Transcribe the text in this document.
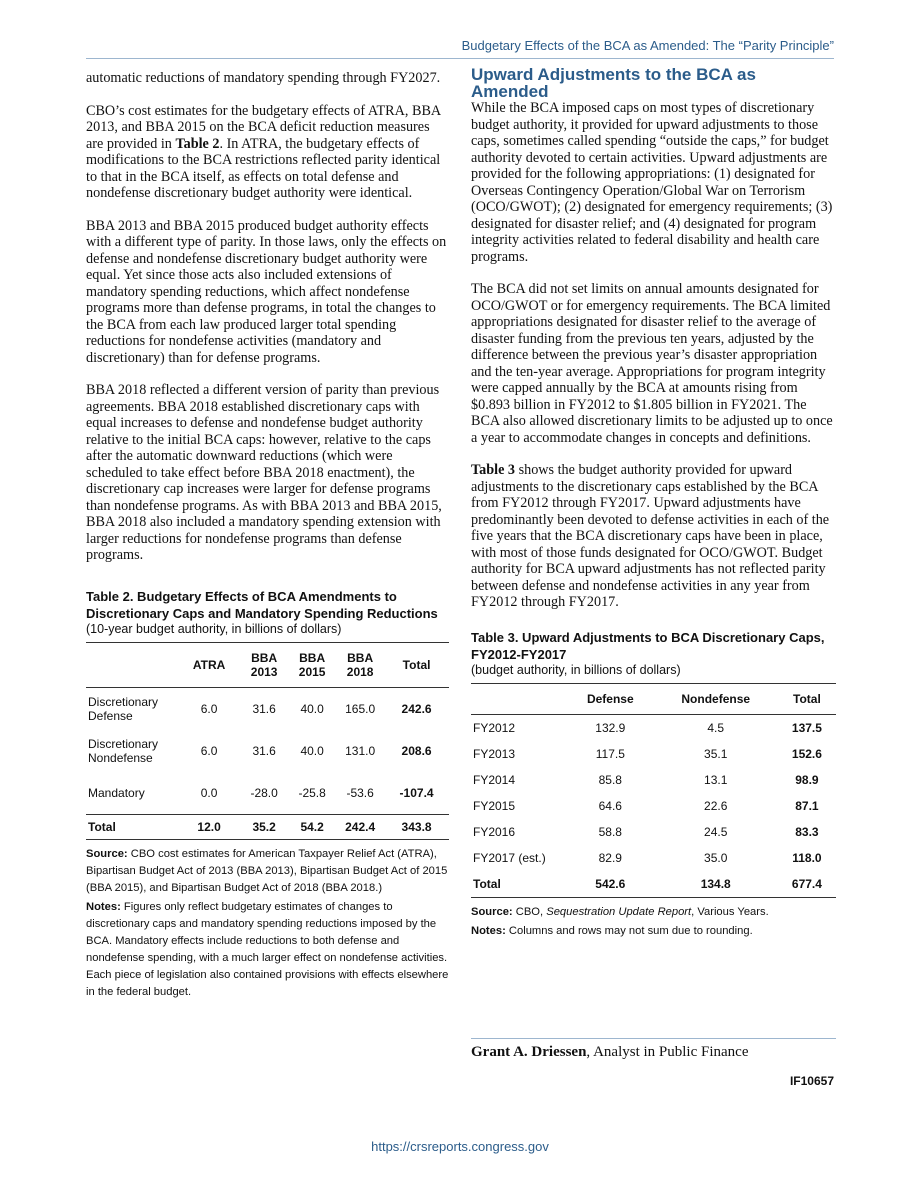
Budgetary Effects of the BCA as Amended: The “Parity Principle”

automatic reductions of mandatory spending through FY2027.

CBO’s cost estimates for the budgetary effects of ATRA, BBA 2013, and BBA 2015 on the BCA deficit reduction measures are provided in Table 2. In ATRA, the budgetary effects of modifications to the BCA restrictions reflected parity identical to that in the BCA itself, as effects on total defense and nondefense discretionary budget authority were identical.

BBA 2013 and BBA 2015 produced budget authority effects with a different type of parity. In those laws, only the effects on defense and nondefense discretionary budget authority were equal. Yet since those acts also included extensions of mandatory spending reductions, which affect nondefense programs more than defense programs, in total the changes to the BCA from each law produced larger total spending reductions for nondefense activities (mandatory and discretionary) than for defense programs.

BBA 2018 reflected a different version of parity than previous agreements. BBA 2018 established discretionary caps with equal increases to defense and nondefense budget authority relative to the initial BCA caps: however, relative to the caps after the automatic downward reductions (which were scheduled to take effect before BBA 2018 enactment), the discretionary cap increases were larger for defense programs than nondefense programs. As with BBA 2013 and BBA 2015, BBA 2018 also included a mandatory spending extension with larger reductions for nondefense programs than defense programs.

Table 2. Budgetary Effects of BCA Amendments to Discretionary Caps and Mandatory Spending Reductions

(10-year budget authority, in billions of dollars)

	ATRA	BBA 2013	BBA 2015	BBA 2018	Total
Discretionary Defense	6.0	31.6	40.0	165.0	242.6
Discretionary Nondefense	6.0	31.6	40.0	131.0	208.6
Mandatory	0.0	-28.0	-25.8	-53.6	-107.4
Total	12.0	35.2	54.2	242.4	343.8

Source: CBO cost estimates for American Taxpayer Relief Act (ATRA), Bipartisan Budget Act of 2013 (BBA 2013), Bipartisan Budget Act of 2015 (BBA 2015), and Bipartisan Budget Act of 2018 (BBA 2018.)

Notes: Figures only reflect budgetary estimates of changes to discretionary caps and mandatory spending reductions imposed by the BCA. Mandatory effects include reductions to both defense and nondefense spending, with a much larger effect on nondefense activities. Each piece of legislation also contained provisions with effects elsewhere in the federal budget.

Upward Adjustments to the BCA as Amended

While the BCA imposed caps on most types of discretionary budget authority, it provided for upward adjustments to those caps, sometimes called spending “outside the caps,” for budget authority devoted to certain activities. Upward adjustments are provided for the following appropriations: (1) designated for Overseas Contingency Operation/Global War on Terrorism (OCO/GWOT); (2) designated for emergency requirements; (3) designated for disaster relief; and (4) designated for program integrity activities related to federal disability and health care programs.

The BCA did not set limits on annual amounts designated for OCO/GWOT or for emergency requirements. The BCA limited appropriations designated for disaster relief to the average of disaster funding from the previous ten years, adjusted by the difference between the previous year’s disaster appropriation and the ten-year average. Appropriations for program integrity were capped annually by the BCA at amounts rising from $0.893 billion in FY2012 to $1.805 billion in FY2021. The BCA also allowed discretionary limits to be adjusted up to once a year to accommodate changes in concepts and definitions.

Table 3 shows the budget authority provided for upward adjustments to the discretionary caps established by the BCA from FY2012 through FY2017. Upward adjustments have predominantly been devoted to defense activities in each of the five years that the BCA discretionary caps have been in place, with most of those funds designated for OCO/GWOT. Budget authority for BCA upward adjustments has not reflected parity between defense and nondefense activities in any year from FY2012 through FY2017.

Table 3. Upward Adjustments to BCA Discretionary Caps, FY2012-FY2017

(budget authority, in billions of dollars)

	Defense	Nondefense	Total
FY2012	132.9	4.5	137.5
FY2013	117.5	35.1	152.6
FY2014	85.8	13.1	98.9
FY2015	64.6	22.6	87.1
FY2016	58.8	24.5	83.3
FY2017 (est.)	82.9	35.0	118.0
Total	542.6	134.8	677.4

Source: CBO, Sequestration Update Report, Various Years.

Notes: Columns and rows may not sum due to rounding.

Grant A. Driessen, Analyst in Public Finance
IF10657
https://crsreports.congress.gov
